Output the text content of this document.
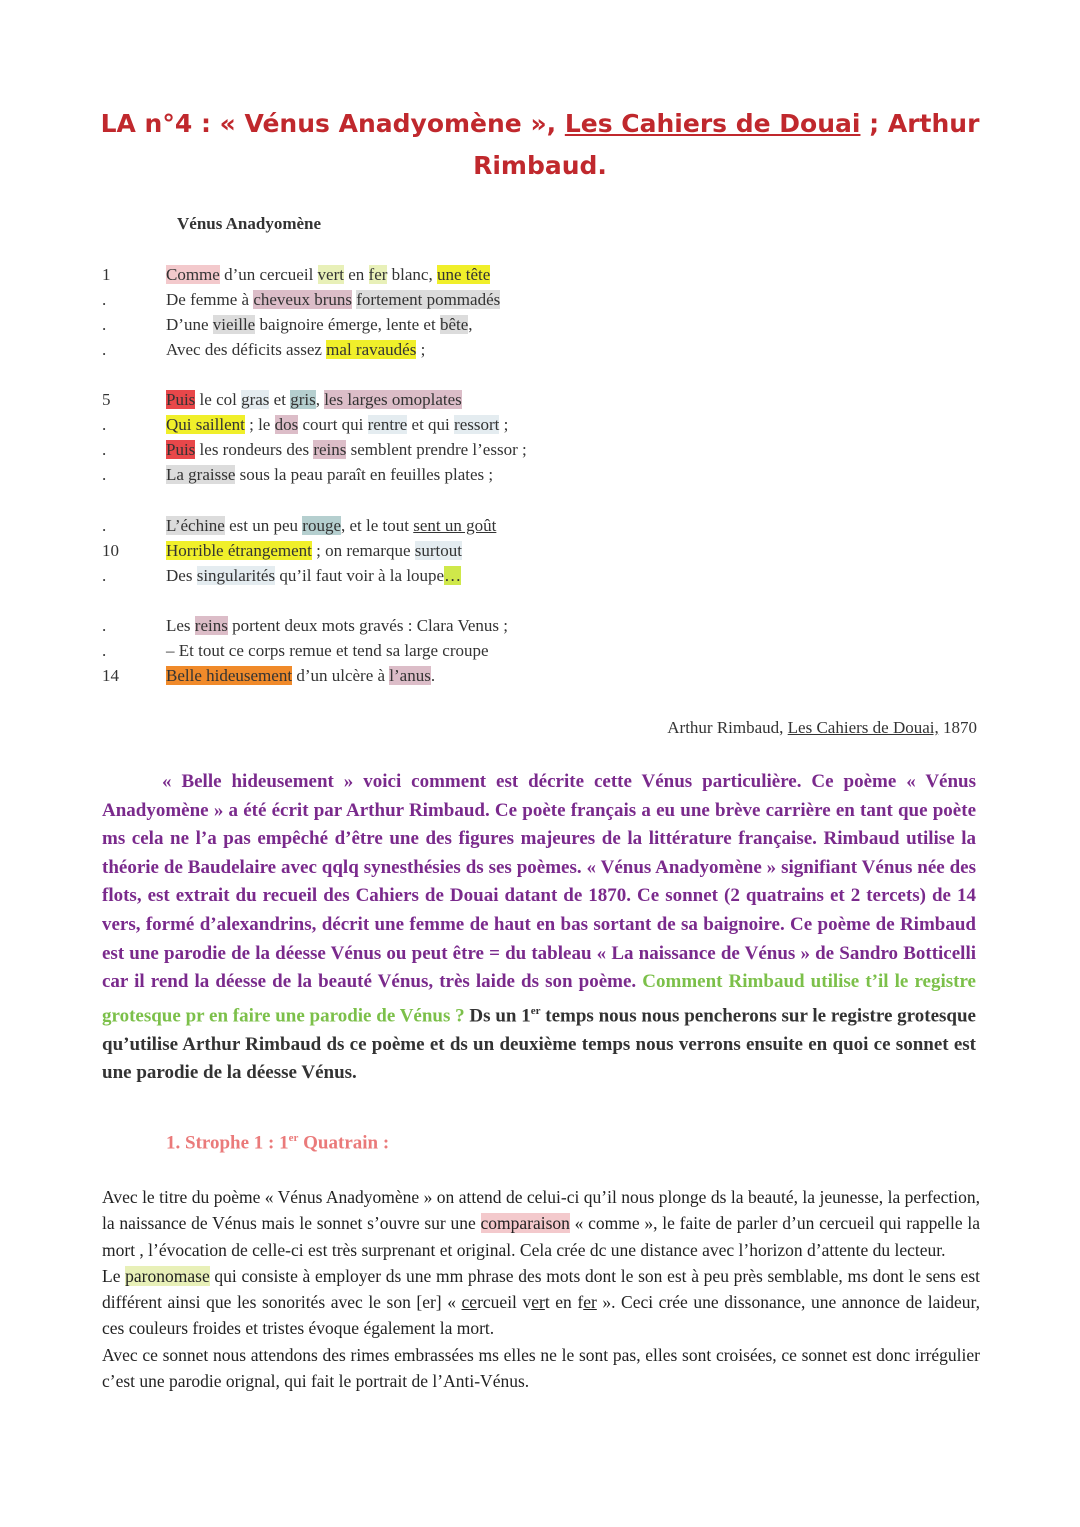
LA n°4 : « Vénus Anadyomène », Les Cahiers de Douai ; Arthur Rimbaud.
Vénus Anadyomène
1	Comme d’un cercueil vert en fer blanc, une tête
.	De femme à cheveux bruns fortement pommadés
.	D’une vieille baignoire émerge, lente et bête,
.	Avec des déficits assez mal ravaudés ;
5	Puis le col gras et gris, les larges omoplates
.	Qui saillent ; le dos court qui rentre et qui ressort ;
.	Puis les rondeurs des reins semblent prendre l’essor ;
.	La graisse sous la peau paraît en feuilles plates ;
.	L’échine est un peu rouge, et le tout sent un goût
10	Horrible étrangement ; on remarque surtout
.	Des singularités qu’il faut voir à la loupe…
.	Les reins portent deux mots gravés : Clara Venus ;
.	– Et tout ce corps remue et tend sa large croupe
14	Belle hideusement d’un ulcère à l’anus.
Arthur Rimbaud, Les Cahiers de Douai, 1870
« Belle hideusement » voici comment est décrite cette Vénus particulière. Ce poème « Vénus Anadyomène » a été écrit par Arthur Rimbaud. Ce poète français a eu une brève carrière en tant que poète ms cela ne l’a pas empêché d’être une des figures majeures de la littérature française. Rimbaud utilise la théorie de Baudelaire avec qqlq synesthésies ds ses poèmes. « Vénus Anadyomène » signifiant Vénus née des flots, est extrait du recueil des Cahiers de Douai datant de 1870. Ce sonnet (2 quatrains et 2 tercets) de 14 vers, formé d’alexandrins, décrit une femme de haut en bas sortant de sa baignoire. Ce poème de Rimbaud est une parodie de la déesse Vénus ou peut être = du tableau « La naissance de Vénus » de Sandro Botticelli car il rend la déesse de la beauté Vénus, très laide ds son poème. Comment Rimbaud utilise t’il le registre grotesque pr en faire une parodie de Vénus ? Ds un 1er temps nous nous pencherons sur le registre grotesque qu’utilise Arthur Rimbaud ds ce poème et ds un deuxième temps nous verrons ensuite en quoi ce sonnet est une parodie de la déesse Vénus.
1. Strophe 1 : 1er Quatrain :

Avec le titre du poème « Vénus Anadyomène » on attend de celui-ci qu’il nous plonge ds la beauté, la jeunesse, la perfection, la naissance de Vénus mais le sonnet s’ouvre sur une comparaison « comme », le faite de parler d’un cercueil qui rappelle la mort , l’évocation de celle-ci est très surprenant et original. Cela crée dc une distance avec l’horizon d’attente du lecteur.

Le paronomase qui consiste à employer ds une mm phrase des mots dont le son est à peu près semblable, ms dont le sens est différent ainsi que les sonorités avec le son [er] « cercueil vert en fer ». Ceci crée une dissonance, une annonce de laideur, ces couleurs froides et tristes évoque également la mort.

Avec ce sonnet nous attendons des rimes embrassées ms elles ne le sont pas, elles sont croisées, ce sonnet est donc irrégulier c’est une parodie orignal, qui fait le portrait de l’Anti-Vénus.
